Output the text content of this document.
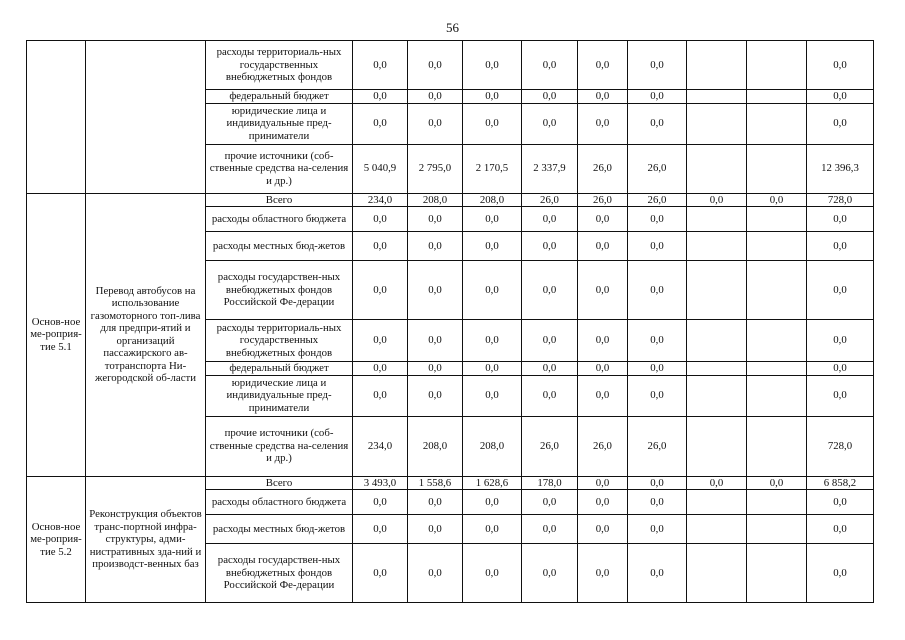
56
		расходы территориаль-ных государственных внебюджетных фондов	0,0	0,0	0,0	0,0	0,0	0,0			0,0
		федеральный бюджет	0,0	0,0	0,0	0,0	0,0	0,0			0,0
		юридические лица и индивидуальные пред-приниматели	0,0	0,0	0,0	0,0	0,0	0,0			0,0
		прочие источники (соб-ственные средства на-селения и др.)	5 040,9	2 795,0	2 170,5	2 337,9	26,0	26,0			12 396,3
Основ-ное ме-роприя-тие 5.1	Перевод автобусов на использование газомоторного топ-лива для предпри-ятий и организаций пассажирского ав-тотранспорта Ни-жегородской об-ласти	Всего	234,0	208,0	208,0	26,0	26,0	26,0	0,0	0,0	728,0
		расходы областного бюджета	0,0	0,0	0,0	0,0	0,0	0,0			0,0
		расходы местных бюд-жетов	0,0	0,0	0,0	0,0	0,0	0,0			0,0
		расходы государствен-ных внебюджетных фондов Российской Фе-дерации	0,0	0,0	0,0	0,0	0,0	0,0			0,0
		расходы территориаль-ных государственных внебюджетных фондов	0,0	0,0	0,0	0,0	0,0	0,0			0,0
		федеральный бюджет	0,0	0,0	0,0	0,0	0,0	0,0			0,0
		юридические лица и индивидуальные пред-приниматели	0,0	0,0	0,0	0,0	0,0	0,0			0,0
		прочие источники (соб-ственные средства на-селения и др.)	234,0	208,0	208,0	26,0	26,0	26,0			728,0
Основ-ное ме-роприя-тие 5.2	Реконструкция объектов транс-портной инфра-структуры, адми-нистративных зда-ний и производст-венных баз	Всего	3 493,0	1 558,6	1 628,6	178,0	0,0	0,0	0,0	0,0	6 858,2
		расходы областного бюджета	0,0	0,0	0,0	0,0	0,0	0,0			0,0
		расходы местных бюд-жетов	0,0	0,0	0,0	0,0	0,0	0,0			0,0
		расходы государствен-ных внебюджетных фондов Российской Фе-дерации	0,0	0,0	0,0	0,0	0,0	0,0			0,0
